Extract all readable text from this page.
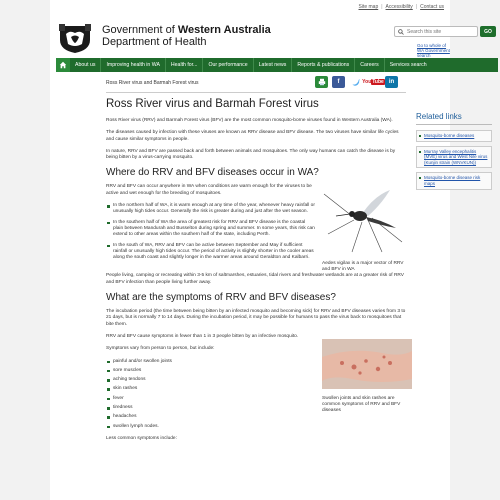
Site map | Accessibility | Contact us
Government of Western Australia
Department of Health
Search this site
GO
Go to whole of WA Government search
About us	Improving health in WA	Health for...	Our performance	Latest news	Reports & publications	Careers	Services search
Ross River virus and Barmah Forest virus	f	You Tube in
Ross River virus and Barmah Forest virus

Ross River virus (RRV) and Barmah Forest virus (BFV) are the most common mosquito-borne viruses found in Western Australia (WA).

The diseases caused by infection with these viruses are known as RRV disease and BFV disease. The two viruses have similar life cycles and cause similar symptoms in people.

In nature, RRV and BFV are passed back and forth between animals and mosquitoes. The only way humans can catch the disease is by being bitten by a virus-carrying mosquito.

Where do RRV and BFV diseases occur in WA?

RRV and BFV can occur anywhere in WA when conditions are warm enough for the viruses to be active and wet enough for the breeding of mosquitoes.

In the northern half of WA, it is warm enough at any time of the year, whenever heavy rainfall or unusually high tides occur. Generally the risk is greater during and just after the wet season.
In the southern half of WA the area of greatest risk for RRV and BFV disease is the coastal plain between Mandurah and Busselton during spring and summer. In some years, this risk can extend to other areas within the southern half of the state, including Perth.
In the south of WA, RRV and BFV can be active between September and May if sufficient rainfall or unusually high tides occur. The period of activity is slightly shorter in the cooler areas along the south coast and slightly longer in the warmer areas around Geraldton and Kalbarri.
Aedes vigilax is a major vector of RRV and BFV in WA

People living, camping or recreating within 3-5 km of saltmarshes, estuaries, tidal rivers and freshwater wetlands are at a greater risk of RRV and BFV infection than people living further away.

What are the symptoms of RRV and BFV diseases?

The incubation period (the time between being bitten by an infected mosquito and becoming sick) for RRV and BFV diseases varies from 3 to 21 days, but is normally 7 to 14 days. During the incubation period, it may be possible for humans to pass the virus back to mosquitoes that bite them.

RRV and BFV cause symptoms in fewer than 1 in 3 people bitten by an infective mosquito.

Symptoms vary from person to person, but include:

painful and/or swollen joints
sore muscles
aching tendons
skin rashes
fever
tiredness
headaches
swollen lymph nodes.

Less common symptoms include:

Swollen joints and skin rashes are common symptoms of RRV and BFV diseases
Related links
Mosquito-borne diseases
Murray Valley encephalitis (MVE) virus and West Nile virus (Kunjin strain (WNVKUN))
Mosquito-borne disease risk maps
